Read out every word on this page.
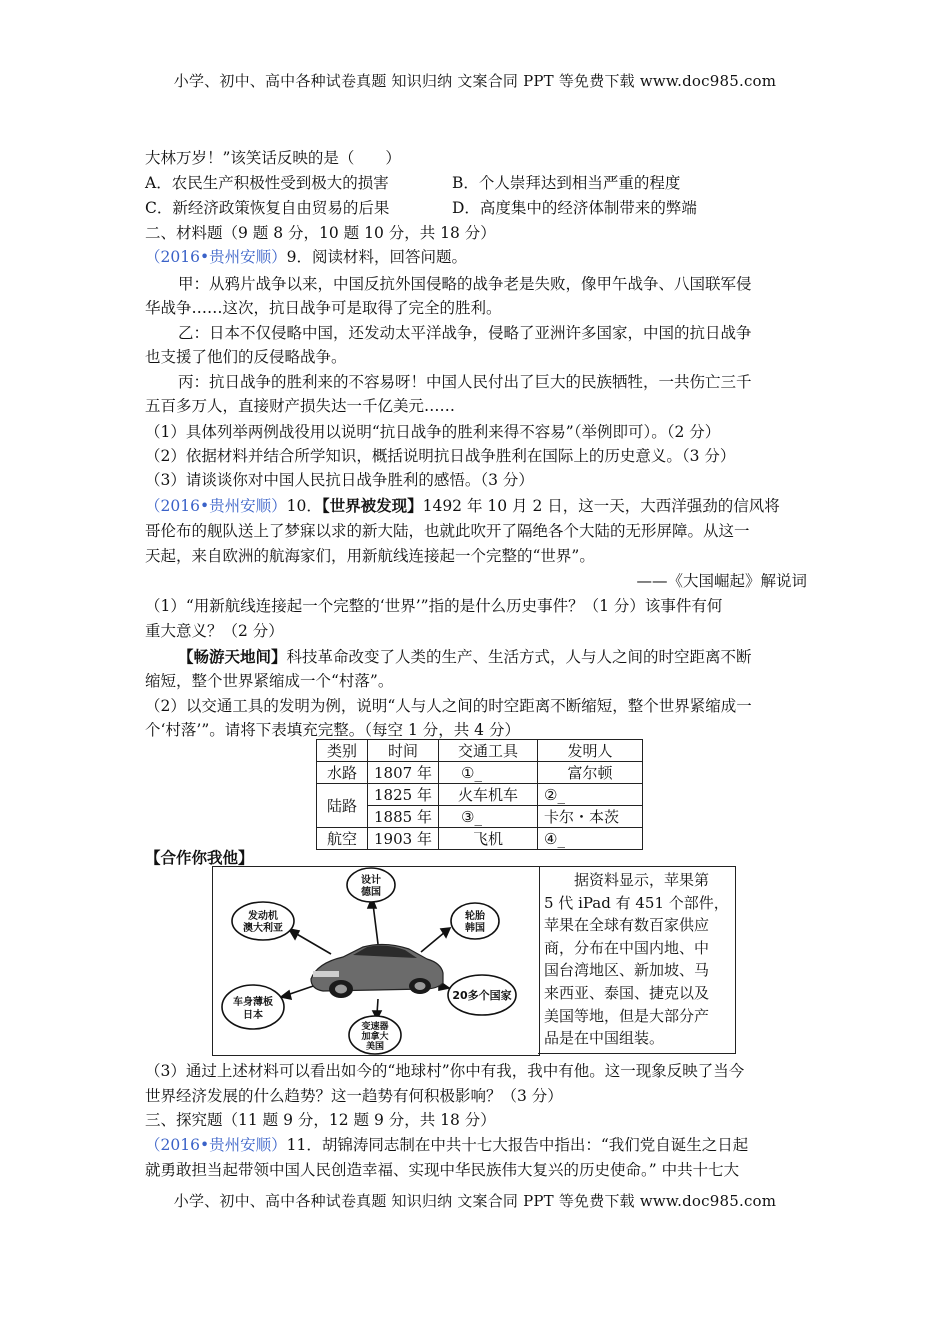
小学、初中、高中各种试卷真题 知识归纳 文案合同 PPT 等免费下载 www.doc985.com
大林万岁！”该笑话反映的是（　　）
A．农民生产积极性受到极大的损害	B．个人崇拜达到相当严重的程度
C．新经济政策恢复自由贸易的后果	D．高度集中的经济体制带来的弊端
二、材料题（9 题 8 分，10 题 10 分，共 18 分）
（2016•贵州安顺）9．阅读材料，回答问题。
甲：从鸦片战争以来，中国反抗外国侵略的战争老是失败，像甲午战争、八国联军侵
华战争……这次，抗日战争可是取得了完全的胜利。
乙：日本不仅侵略中国，还发动太平洋战争，侵略了亚洲许多国家，中国的抗日战争
也支援了他们的反侵略战争。
丙：抗日战争的胜利来的不容易呀！中国人民付出了巨大的民族牺牲，一共伤亡三千
五百多万人，直接财产损失达一千亿美元……
（1）具体列举两例战役用以说明“抗日战争的胜利来得不容易”（举例即可）。（2 分）
（2）依据材料并结合所学知识，概括说明抗日战争胜利在国际上的历史意义。（3 分）
（3）请谈谈你对中国人民抗日战争胜利的感悟。（3 分）
（2016•贵州安顺）10．【世界被发现】1492 年 10 月 2 日，这一天，大西洋强劲的信风将
哥伦布的舰队送上了梦寐以求的新大陆，也就此吹开了隔绝各个大陆的无形屏障。从这一
天起，来自欧洲的航海家们，用新航线连接起一个完整的“世界”。
——《大国崛起》解说词
（1）“用新航线连接起一个完整的‘世界’”指的是什么历史事件？（1 分）该事件有何
重大意义？（2 分）
【畅游天地间】科技革命改变了人类的生产、生活方式，人与人之间的时空距离不断
缩短，整个世界紧缩成一个“村落”。
（2）以交通工具的发明为例，说明“人与人之间的时空距离不断缩短，整个世界紧缩成一
个‘村落’”。请将下表填充完整。（每空 1 分，共 4 分）
类别	时间	交通工具	发明人
水路	1807 年	①_	富尔顿
陆路	1825 年	火车机车	②_
	1885 年	③_	卡尔・本茨
航空	1903 年	飞机	④_
【合作你我他】
设计
德国
发动机
澳大利亚
轮胎
韩国
车身薄板
日本
20多个国家
变速器
加拿大
美国
　　据资料显示，苹果第
5 代 iPad 有 451 个部件，
苹果在全球有数百家供应
商，分布在中国内地、中
国台湾地区、新加坡、马
来西亚、泰国、捷克以及
美国等地，但是大部分产
品是在中国组装。
（3）通过上述材料可以看出如今的“地球村”你中有我，我中有他。这一现象反映了当今
世界经济发展的什么趋势？这一趋势有何积极影响？（3 分）
三、探究题（11 题 9 分，12 题 9 分，共 18 分）
（2016•贵州安顺）11．胡锦涛同志制在中共十七大报告中指出：“我们党自诞生之日起
就勇敢担当起带领中国人民创造幸福、实现中华民族伟大复兴的历史使命。” 中共十七大
小学、初中、高中各种试卷真题 知识归纳 文案合同 PPT 等免费下载 www.doc985.com
